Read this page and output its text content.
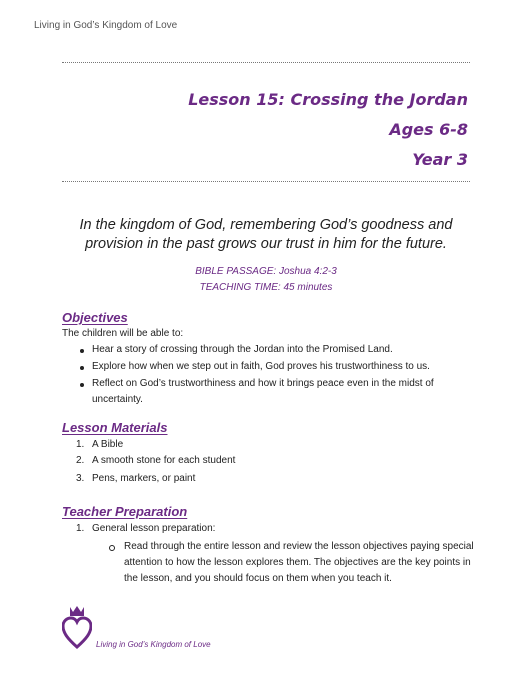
Living in God’s Kingdom of Love
Lesson 15: Crossing the Jordan
Ages 6-8
Year 3
In the kingdom of God, remembering God’s goodness and
provision in the past grows our trust in him for the future.
BIBLE PASSAGE: Joshua 4:2-3
TEACHING TIME: 45 minutes
Objectives
The children will be able to:
Hear a story of crossing through the Jordan into the Promised Land.
Explore how when we step out in faith, God proves his trustworthiness to us.
Reflect on God’s trustworthiness and how it brings peace even in the midst of
uncertainty.
Lesson Materials
1. A Bible
2. A smooth stone for each student
3. Pens, markers, or paint
Teacher Preparation
1. General lesson preparation:
Read through the entire lesson and review the lesson objectives paying special
attention to how the lesson explores them. The objectives are the key points in
the lesson, and you should focus on them when you teach it.
Living in God’s Kingdom of Love
